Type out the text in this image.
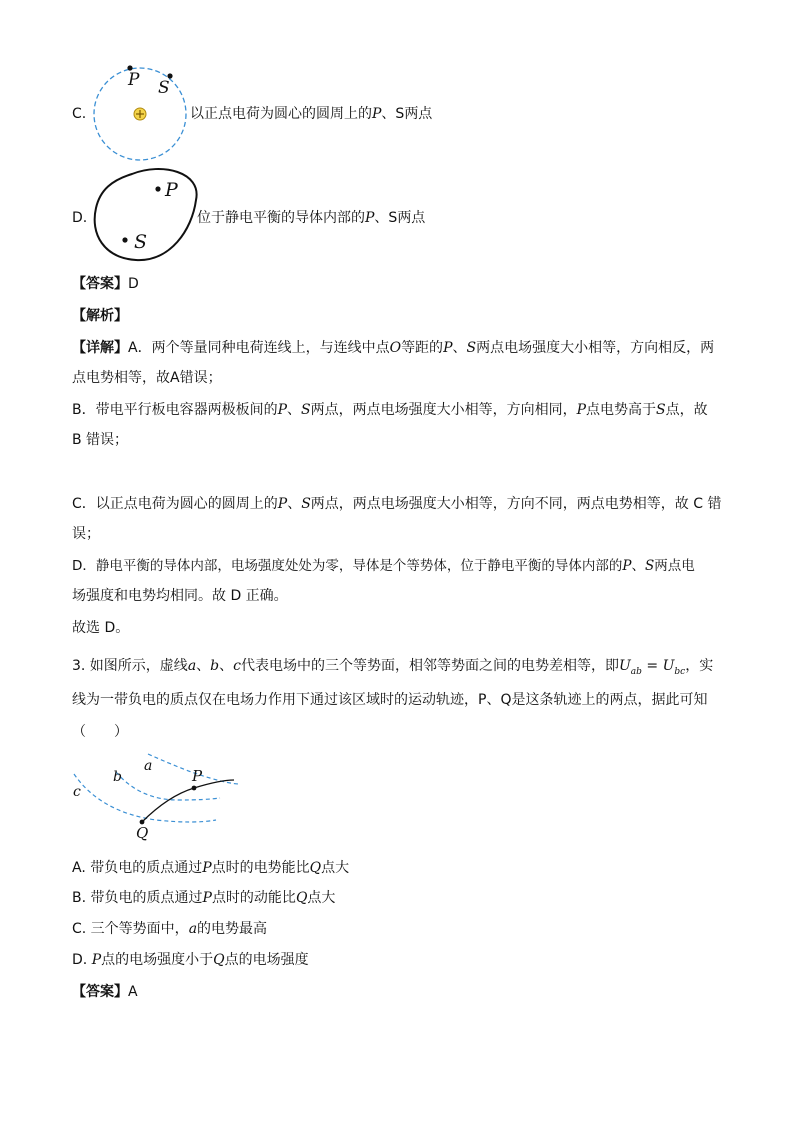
C.
P S
以正点电荷为圆心的圆周上的P、S两点
D.
P
S
位于静电平衡的导体内部的P、S两点
【答案】D
【解析】
【详解】A．两个等量同种电荷连线上，与连线中点O等距的P、S两点电场强度大小相等，方向相反，两
点电势相等，故A错误；
B．带电平行板电容器两极板间的P、S两点，两点电场强度大小相等，方向相同，P点电势高于S点，故
B 错误；
C．以正点电荷为圆心的圆周上的P、S两点，两点电场强度大小相等，方向不同，两点电势相等，故 C 错
误；
D．静电平衡的导体内部，电场强度处处为零，导体是个等势体，位于静电平衡的导体内部的P、S两点电
场强度和电势均相同。故 D 正确。
故选 D。
3. 如图所示，虚线a、b、c代表电场中的三个等势面，相邻等势面之间的电势差相等，即$U_{ab} = U_{bc}$，实
线为一带负电的质点仅在电场力作用下通过该区域时的运动轨迹，P、Q是这条轨迹上的两点，据此可知
（　　）
a
b
c
P
Q
A. 带负电的质点通过P点时的电势能比Q点大
B. 带负电的质点通过P点时的动能比Q点大
C. 三个等势面中，a的电势最高
D. P点的电场强度小于Q点的电场强度
【答案】A
